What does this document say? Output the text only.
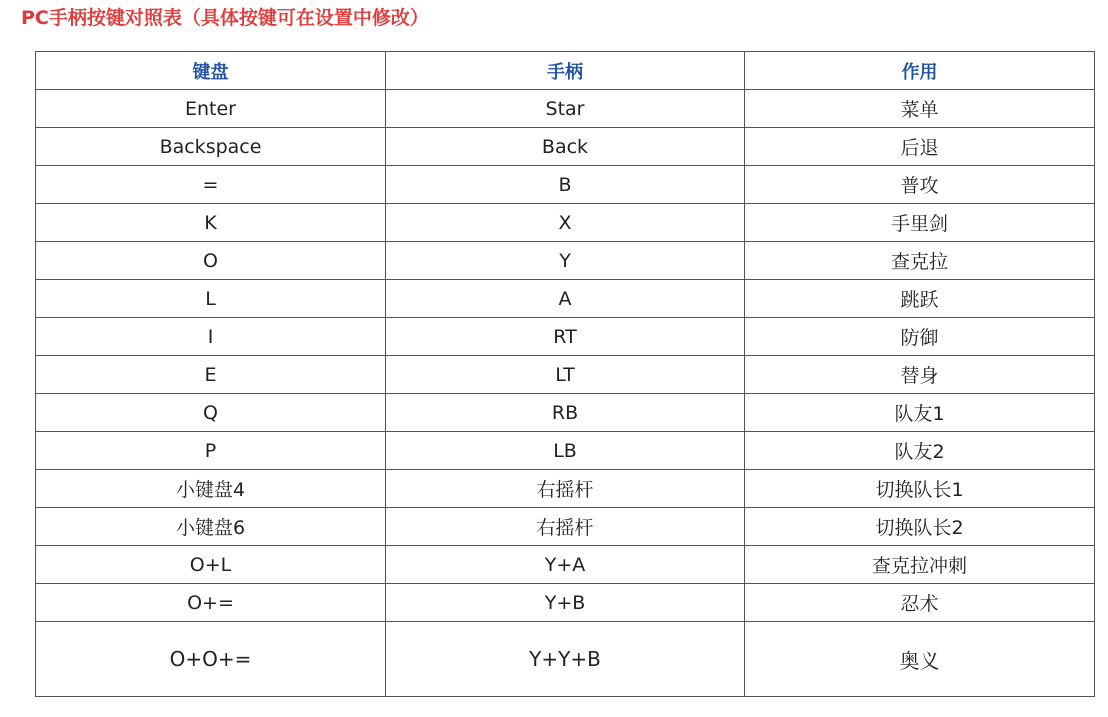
PC手柄按键对照表（具体按键可在设置中修改）
键盘	手柄	作用
Enter	Star	菜单
Backspace	Back	后退
=	B	普攻
K	X	手里剑
O	Y	查克拉
L	A	跳跃
I	RT	防御
E	LT	替身
Q	RB	队友1
P	LB	队友2
小键盘4	右摇杆	切换队长1
小键盘6	右摇杆	切换队长2
O+L	Y+A	查克拉冲刺
O+=	Y+B	忍术
O+O+=	Y+Y+B	奥义
